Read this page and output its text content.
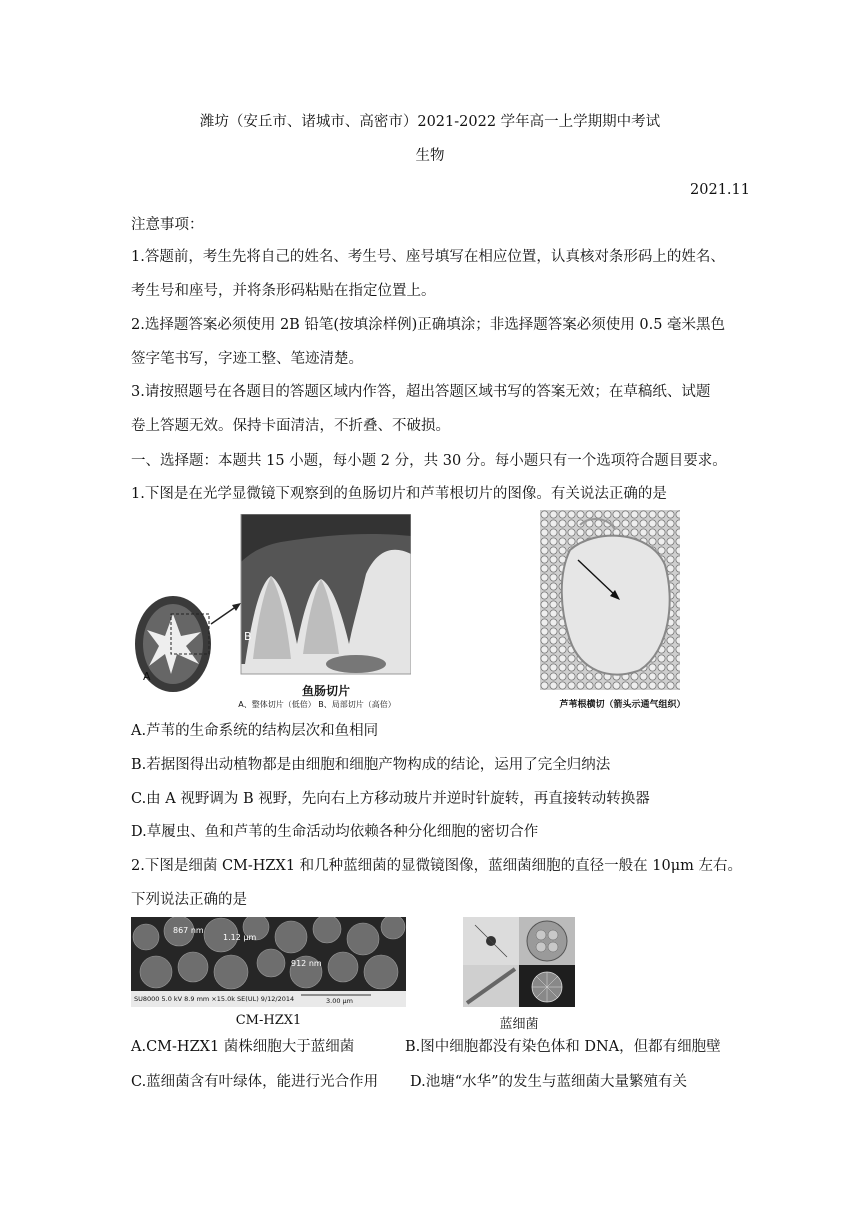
潍坊（安丘市、诸城市、高密市）2021-2022 学年高一上学期期中考试
生物
2021.11
注意事项：
1.答题前，考生先将自己的姓名、考生号、座号填写在相应位置，认真核对条形码上的姓名、
考生号和座号，并将条形码粘贴在指定位置上。
2.选择题答案必须使用 2B 铅笔(按填涂样例)正确填涂；非选择题答案必须使用 0.5 毫米黑色
签字笔书写，字迹工整、笔迹清楚。
3.请按照题号在各题目的答题区域内作答，超出答题区域书写的答案无效；在草稿纸、试题
卷上答题无效。保持卡面清洁，不折叠、不破损。
一、选择题：本题共 15 小题，每小题 2 分，共 30 分。每小题只有一个选项符合题目要求。
1.下图是在光学显微镜下观察到的鱼肠切片和芦苇根切片的图像。有关说法正确的是
B
A
鱼肠切片
A、整体切片（低倍） B、局部切片（高倍）	芦苇根横切（箭头示通气组织）
A.芦苇的生命系统的结构层次和鱼相同
B.若据图得出动植物都是由细胞和细胞产物构成的结论，运用了完全归纳法
C.由 A 视野调为 B 视野，先向右上方移动玻片并逆时针旋转，再直接转动转换器
D.草履虫、鱼和芦苇的生命活动均依赖各种分化细胞的密切合作
2.下图是细菌 CM-HZX1 和几种蓝细菌的显微镜图像，蓝细菌细胞的直径一般在 10μm 左右。
下列说法正确的是
867 nm
1.12 μm
912 nm
SU8000 5.0 kV 8.9 mm ×15.0k SE(UL) 9/12/2014	3.00 μm
CM-HZX1	蓝细菌
A.CM-HZX1 菌株细胞大于蓝细菌	B.图中细胞都没有染色体和 DNA，但都有细胞壁
C.蓝细菌含有叶绿体，能进行光合作用 D.池塘“水华”的发生与蓝细菌大量繁殖有关
